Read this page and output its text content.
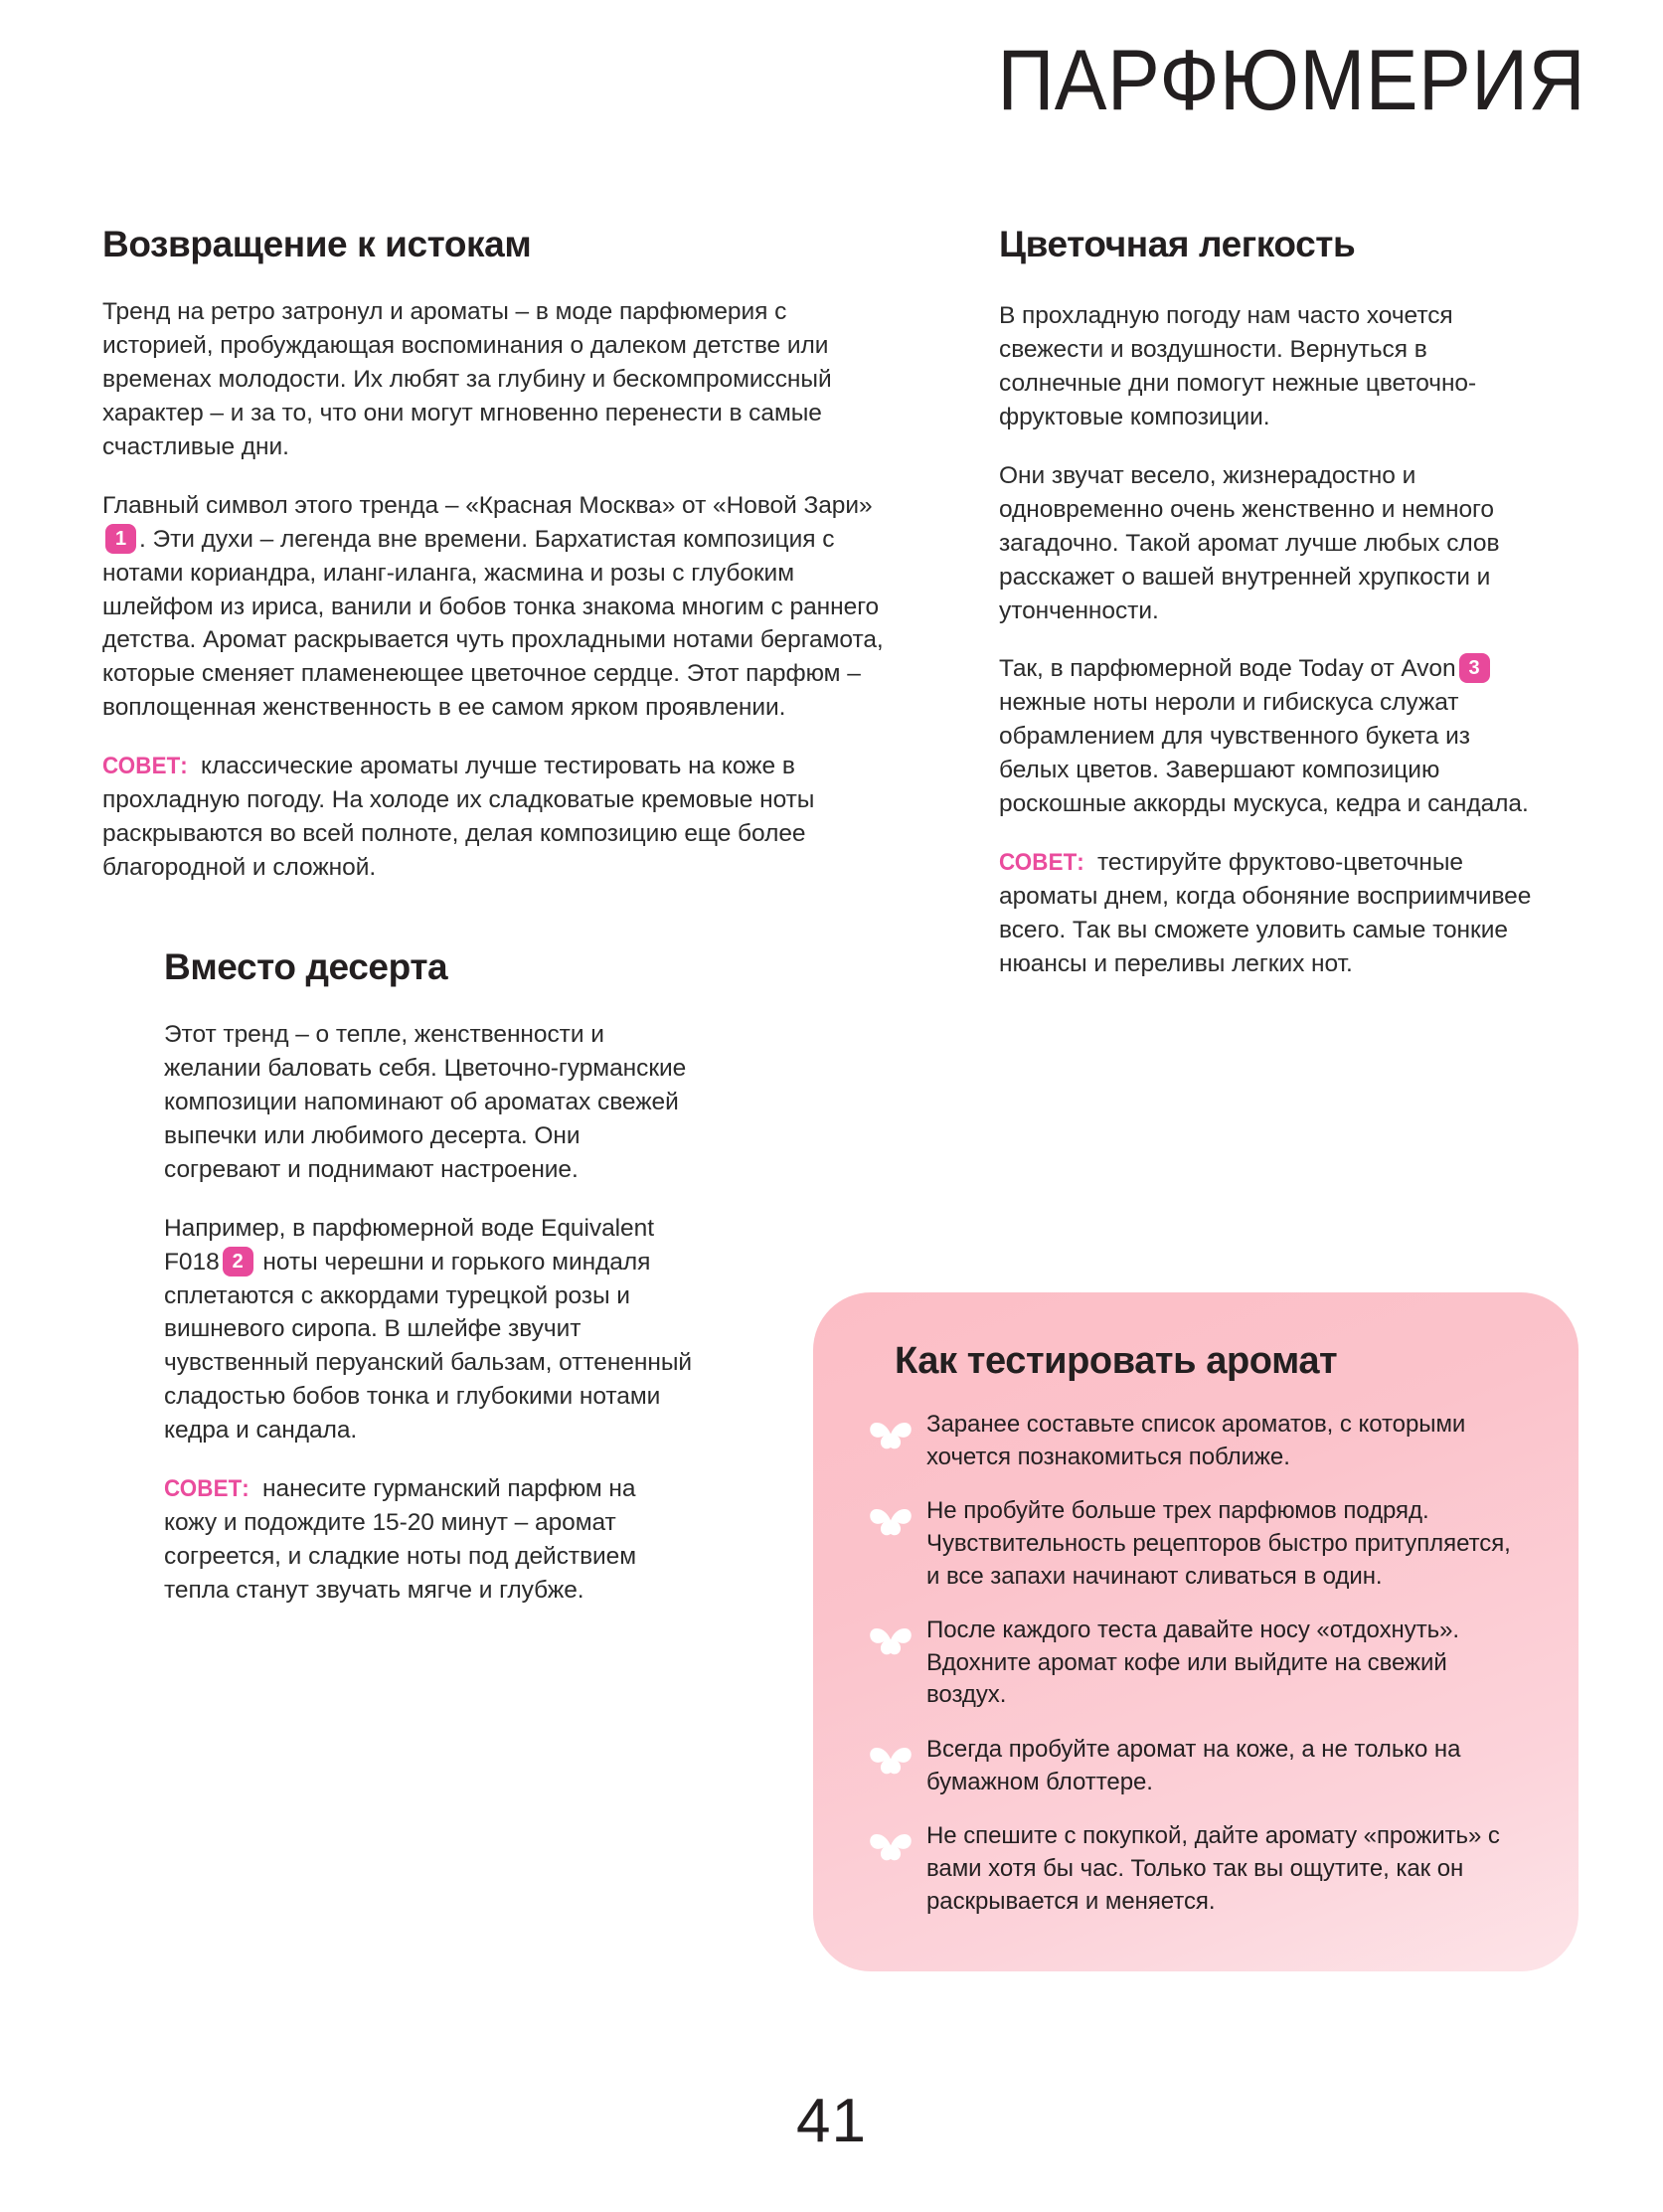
ПАРФЮМЕРИЯ
Возвращение к истокам

Тренд на ретро затронул и ароматы – в моде парфюмерия с историей, пробуждающая воспоминания о далеком детстве или временах молодости. Их любят за глубину и бескомпромиссный характер – и за то, что они могут мгновенно перенести в самые счастливые дни.

Главный символ этого тренда – «Красная Москва» от «Новой Зари»1 . Эти духи – легенда вне времени. Бархатистая композиция с нотами кориандра, иланг-иланга, жасмина и розы с глубоким шлейфом из ириса, ванили и бобов тонка знакома многим с раннего детства. Аромат раскрывается чуть прохладными нотами бергамота, которые сменяет пламенеющее цветочное сердце. Этот парфюм – воплощенная женственность в ее самом ярком проявлении.

СОВЕТ: классические ароматы лучше тестировать на коже в прохладную погоду. На холоде их сладковатые кремовые ноты раскрываются во всей полноте, делая композицию еще более благородной и сложной.

Вместо десерта

Этот тренд – о тепле, женственности и желании баловать себя. Цветочно-гурманские композиции напоминают об ароматах свежей выпечки или любимого десерта. Они согревают и поднимают настроение.

Например, в парфюмерной воде Equivalent F018 2 ноты черешни и горького миндаля сплетаются с аккордами турецкой розы и вишневого сиропа. В шлейфе звучит чувственный перуанский бальзам, оттененный сладостью бобов тонка и глубокими нотами кедра и сандала.

СОВЕТ: нанесите гурманский парфюм на кожу и подождите 15-20 минут – аромат согреется, и сладкие ноты под действием тепла станут звучать мягче и глубже.

Цветочная легкость

В прохладную погоду нам часто хочется свежести и воздушности. Вернуться в солнечные дни помогут нежные цветочно-фруктовые композиции.

Они звучат весело, жизнерадостно и одновременно очень женственно и немного загадочно. Такой аромат лучше любых слов расскажет о вашей внутренней хрупкости и утонченности.

Так, в парфюмерной воде Today от Avon 3 нежные ноты нероли и гибискуса служат обрамлением для чувственного букета из белых цветов. Завершают композицию роскошные аккорды мускуса, кедра и сандала.

СОВЕТ: тестируйте фруктово-цветочные ароматы днем, когда обоняние восприимчивее всего. Так вы сможете уловить самые тонкие нюансы и переливы легких нот.

Как тестировать аромат
Заранее составьте список ароматов, с которыми хочется познакомиться поближе.
Не пробуйте больше трех парфюмов подряд. Чувствительность рецепторов быстро притупляется, и все запахи начинают сливаться в один.
После каждого теста давайте носу «отдохнуть». Вдохните аромат кофе или выйдите на свежий воздух.
Всегда пробуйте аромат на коже, а не только на бумажном блоттере.
Не спешите с покупкой, дайте аромату «прожить» с вами хотя бы час. Только так вы ощутите, как он раскрывается и меняется.
41
